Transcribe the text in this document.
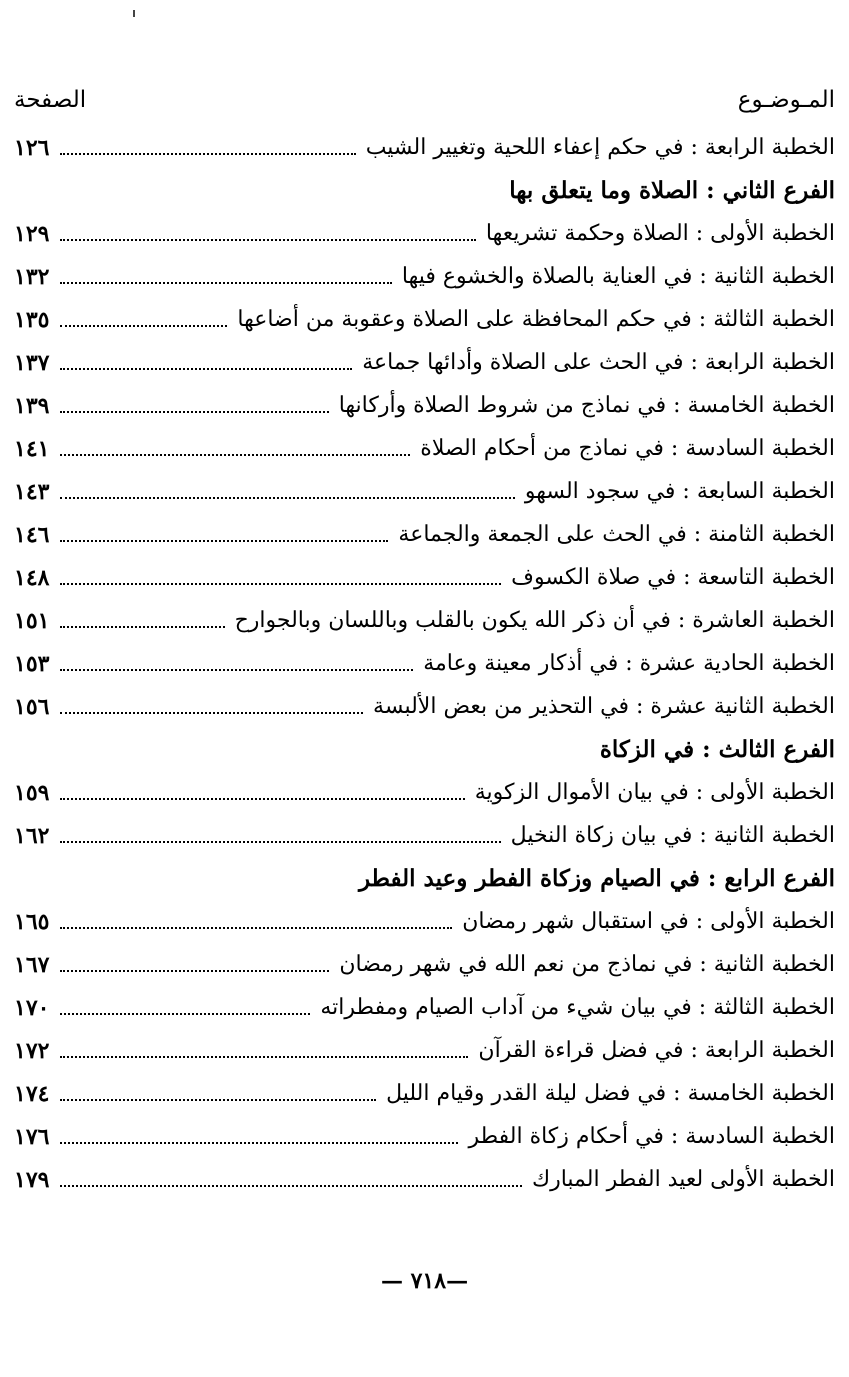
المـوضـوع
الصفحة
الخطبة الرابعة : في حكم إعفاء اللحية وتغيير الشيب
١٢٦
الفرع الثاني : الصلاة وما يتعلق بها
الخطبة الأولى : الصلاة وحكمة تشريعها
١٢٩
الخطبة الثانية : في العناية بالصلاة والخشوع فيها
١٣٢
الخطبة الثالثة : في حكم المحافظة على الصلاة وعقوبة من أضاعها
١٣٥
الخطبة الرابعة : في الحث على الصلاة وأدائها جماعة
١٣٧
الخطبة الخامسة : في نماذج من شروط الصلاة وأركانها
١٣٩
الخطبة السادسة : في نماذج من أحكام الصلاة
١٤١
الخطبة السابعة : في سجود السهو
١٤٣
الخطبة الثامنة : في الحث على الجمعة والجماعة
١٤٦
الخطبة التاسعة : في صلاة الكسوف
١٤٨
الخطبة العاشرة : في أن ذكر الله يكون بالقلب وباللسان وبالجوارح
١٥١
الخطبة الحادية عشرة : في أذكار معينة وعامة
١٥٣
الخطبة الثانية عشرة : في التحذير من بعض الألبسة
١٥٦
الفرع الثالث : في الزكاة
الخطبة الأولى : في بيان الأموال الزكوية
١٥٩
الخطبة الثانية : في بيان زكاة النخيل
١٦٢
الفرع الرابع : في الصيام وزكاة الفطر وعيد الفطر
الخطبة الأولى : في استقبال شهر رمضان
١٦٥
الخطبة الثانية : في نماذج من نعم الله في شهر رمضان
١٦٧
الخطبة الثالثة : في بيان شيء من آداب الصيام ومفطراته
١٧٠
الخطبة الرابعة : في فضل قراءة القرآن
١٧٢
الخطبة الخامسة : في فضل ليلة القدر وقيام الليل
١٧٤
الخطبة السادسة : في أحكام زكاة الفطر
١٧٦
الخطبة الأولى لعيد الفطر المبارك
١٧٩
—٧١٨ —
